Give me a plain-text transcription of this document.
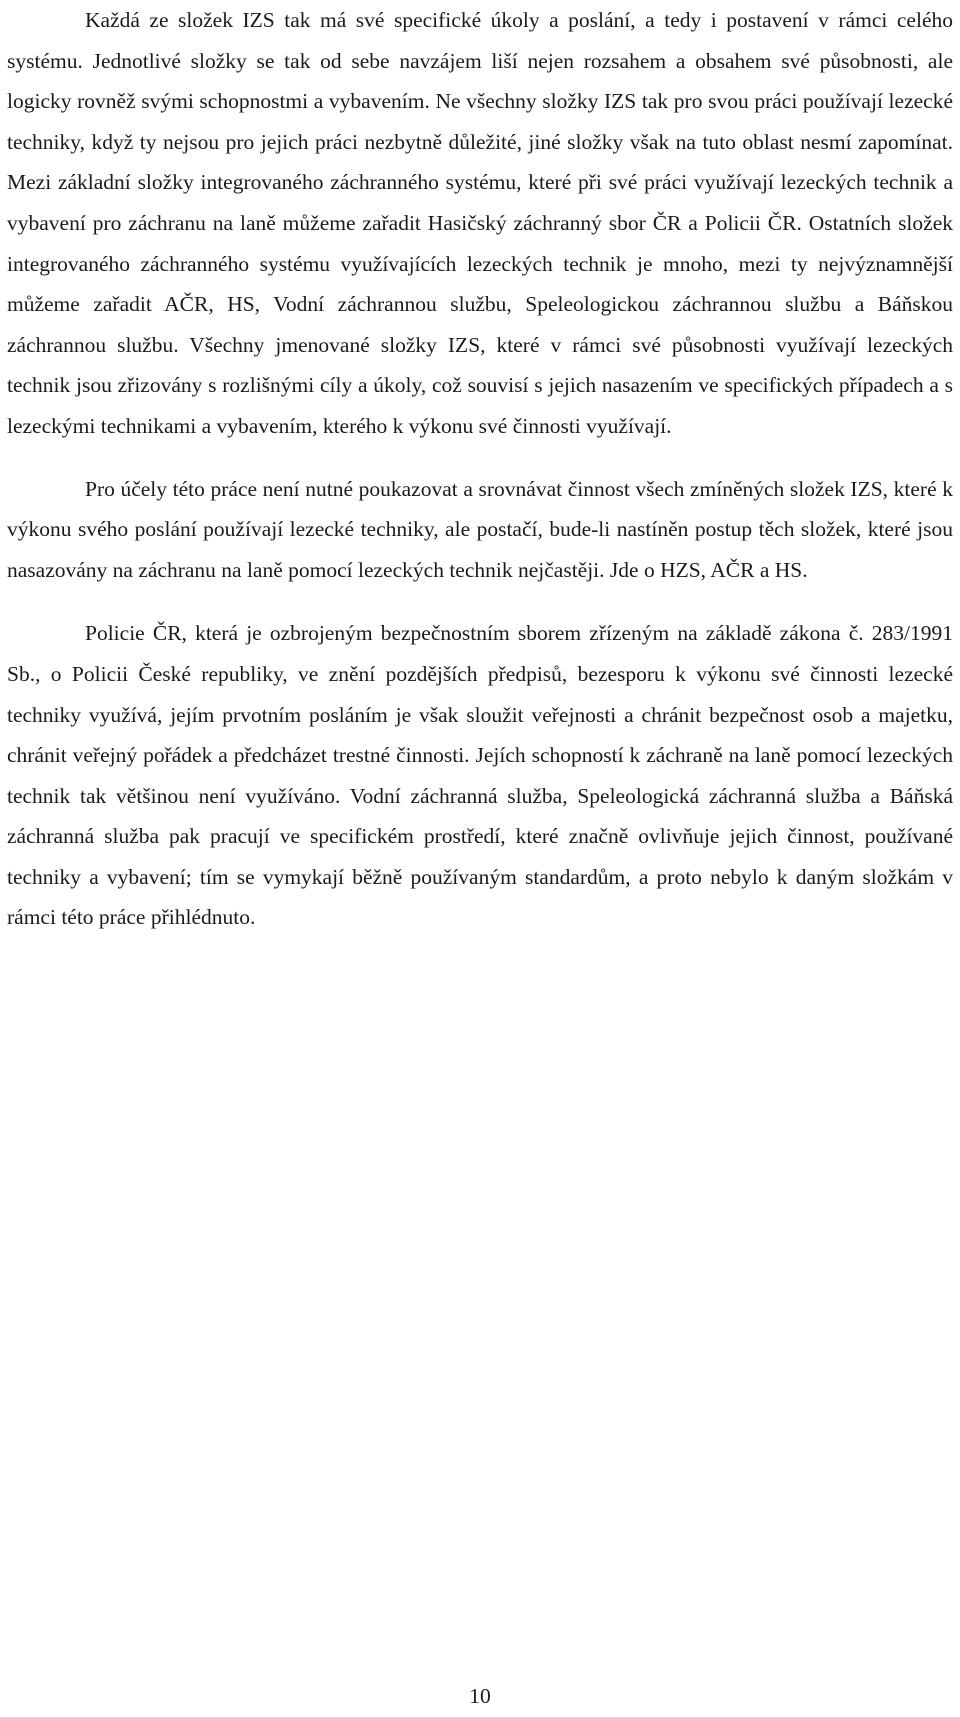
Každá ze složek IZS tak má své specifické úkoly a poslání, a tedy i postavení v rámci celého systému. Jednotlivé složky se tak od sebe navzájem liší nejen rozsahem a obsahem své působnosti, ale logicky rovněž svými schopnostmi a vybavením. Ne všechny složky IZS tak pro svou práci používají lezecké techniky, když ty nejsou pro jejich práci nezbytně důležité, jiné složky však na tuto oblast nesmí zapomínat. Mezi základní složky integrovaného záchranného systému, které při své práci využívají lezeckých technik a vybavení pro záchranu na laně můžeme zařadit Hasičský záchranný sbor ČR a Policii ČR. Ostatních složek integrovaného záchranného systému využívajících lezeckých technik je mnoho, mezi ty nejvýznamnější můžeme zařadit AČR, HS, Vodní záchrannou službu, Speleologickou záchrannou službu a Báňskou záchrannou službu. Všechny jmenované složky IZS, které v rámci své působnosti využívají lezeckých technik jsou zřizovány s rozlišnými cíly a úkoly, což souvisí s jejich nasazením ve specifických případech a s lezeckými technikami a vybavením, kterého k výkonu své činnosti využívají.

Pro účely této práce není nutné poukazovat a srovnávat činnost všech zmíněných složek IZS, které k výkonu svého poslání používají lezecké techniky, ale postačí, bude-li nastíněn postup těch složek, které jsou nasazovány na záchranu na laně pomocí lezeckých technik nejčastěji. Jde o HZS, AČR a HS.

Policie ČR, která je ozbrojeným bezpečnostním sborem zřízeným na základě zákona č. 283/1991 Sb., o Policii České republiky, ve znění pozdějších předpisů, bezesporu k výkonu své činnosti lezecké techniky využívá, jejím prvotním posláním je však sloužit veřejnosti a chránit bezpečnost osob a majetku, chránit veřejný pořádek a předcházet trestné činnosti. Jejích schopností k záchraně na laně pomocí lezeckých technik tak většinou není využíváno. Vodní záchranná služba, Speleologická záchranná služba a Báňská záchranná služba pak pracují ve specifickém prostředí, které značně ovlivňuje jejich činnost, používané techniky a vybavení; tím se vymykají běžně používaným standardům, a proto nebylo k daným složkám v rámci této práce přihlédnuto.

10
